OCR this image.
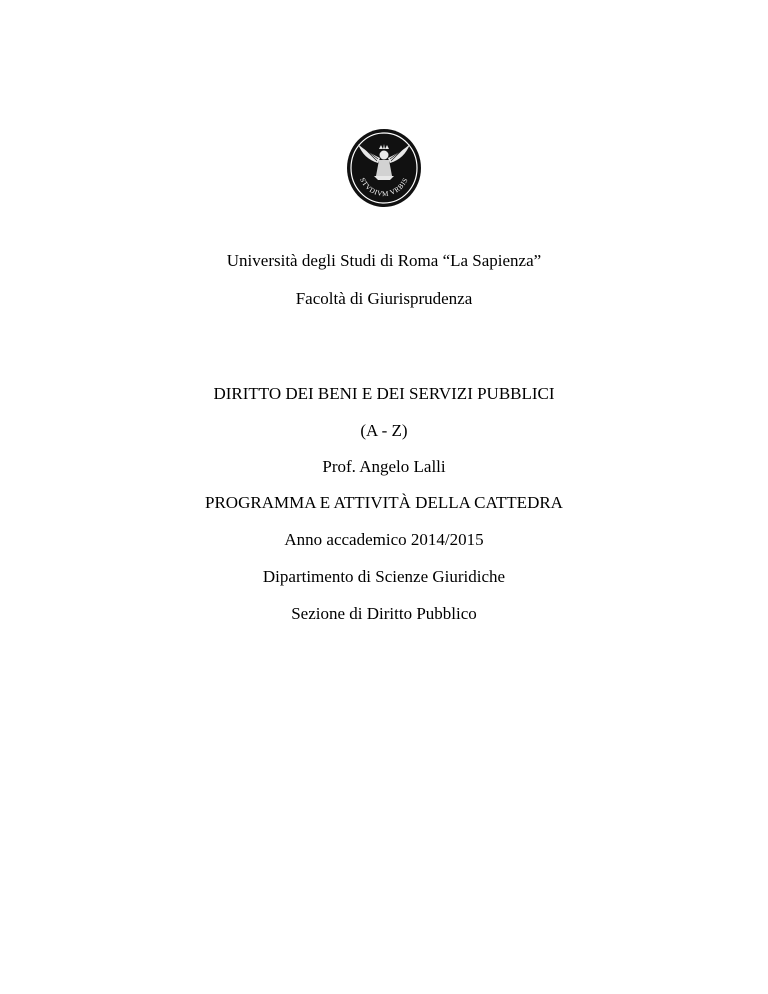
STVDIVM VRBIS
Università degli Studi di Roma “La Sapienza”
Facoltà di Giurisprudenza
DIRITTO DEI BENI E DEI SERVIZI PUBBLICI
(A - Z)
Prof. Angelo Lalli
PROGRAMMA E ATTIVITÀ DELLA CATTEDRA
Anno accademico 2014/2015
Dipartimento di Scienze Giuridiche
Sezione di Diritto Pubblico
